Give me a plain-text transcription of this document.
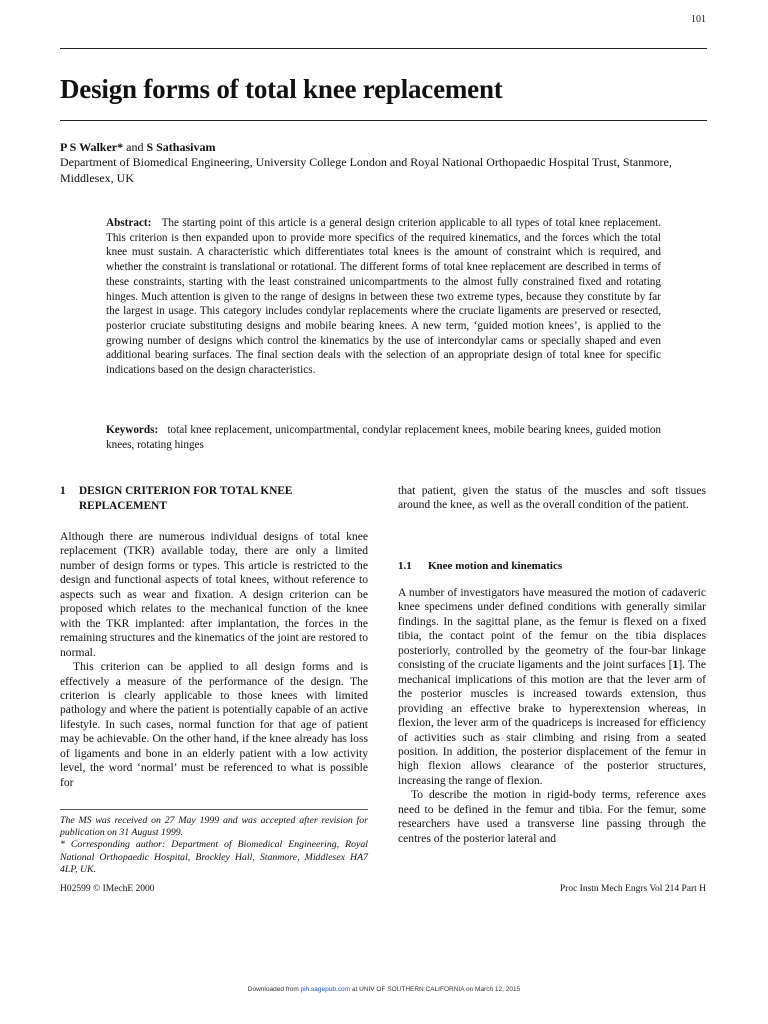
101
Design forms of total knee replacement
P S Walker* and S Sathasivam
Department of Biomedical Engineering, University College London and Royal National Orthopaedic Hospital Trust, Stanmore, Middlesex, UK
Abstract: The starting point of this article is a general design criterion applicable to all types of total knee replacement. This criterion is then expanded upon to provide more specifics of the required kinematics, and the forces which the total knee must sustain. A characteristic which differentiates total knees is the amount of constraint which is required, and whether the constraint is translational or rotational. The different forms of total knee replacement are described in terms of these constraints, starting with the least constrained unicompartments to the almost fully constrained fixed and rotating hinges. Much attention is given to the range of designs in between these two extreme types, because they constitute by far the largest in usage. This category includes condylar replacements where the cruciate ligaments are preserved or resected, posterior cruciate substituting designs and mobile bearing knees. A new term, ‘guided motion knees’, is applied to the growing number of designs which control the kinematics by the use of intercondylar cams or specially shaped and even additional bearing surfaces. The final section deals with the selection of an appropriate design of total knee for specific indications based on the design characteristics.
Keywords: total knee replacement, unicompartmental, condylar replacement knees, mobile bearing knees, guided motion knees, rotating hinges
1 DESIGN CRITERION FOR TOTAL KNEE REPLACEMENT

Although there are numerous individual designs of total knee replacement (TKR) available today, there are only a limited number of design forms or types. This article is restricted to the design and functional aspects of total knees, without reference to aspects such as wear and fixation. A design criterion can be proposed which relates to the mechanical function of the knee with the TKR implanted: after implantation, the forces in the remaining structures and the kinematics of the joint are restored to normal.

This criterion can be applied to all design forms and is effectively a measure of the performance of the design. The criterion is clearly applicable to those knees with limited pathology and where the patient is potentially capable of an active lifestyle. In such cases, normal function for that age of patient may be achievable. On the other hand, if the knee already has loss of ligaments and bone in an elderly patient with a low activity level, the word ‘normal’ must be referenced to what is possible for

The MS was received on 27 May 1999 and was accepted after revision for publication on 31 August 1999.

* Corresponding author: Department of Biomedical Engineering, Royal National Orthopaedic Hospital, Brockley Hall, Stanmore, Middlesex HA7 4LP, UK.

that patient, given the status of the muscles and soft tissues around the knee, as well as the overall condition of the patient.
1.1 Knee motion and kinematics

A number of investigators have measured the motion of cadaveric knee specimens under defined conditions with generally similar findings. In the sagittal plane, as the femur is flexed on a fixed tibia, the contact point of the femur on the tibia displaces posteriorly, controlled by the geometry of the four-bar linkage consisting of the cruciate ligaments and the joint surfaces [1]. The mechanical implications of this motion are that the lever arm of the posterior muscles is increased towards extension, thus providing an effective brake to hyperextension whereas, in flexion, the lever arm of the quadriceps is increased for efficiency of activities such as stair climbing and rising from a seated position. In addition, the posterior displacement of the femur in high flexion allows clearance of the posterior structures, increasing the range of flexion.

To describe the motion in rigid-body terms, reference axes need to be defined in the femur and tibia. For the femur, some researchers have used a transverse line passing through the centres of the posterior lateral and

H02599 © IMechE 2000	Proc Instn Mech Engrs Vol 214 Part H
Downloaded from pih.sagepub.com at UNIV OF SOUTHERN CALIFORNIA on March 12, 2015
